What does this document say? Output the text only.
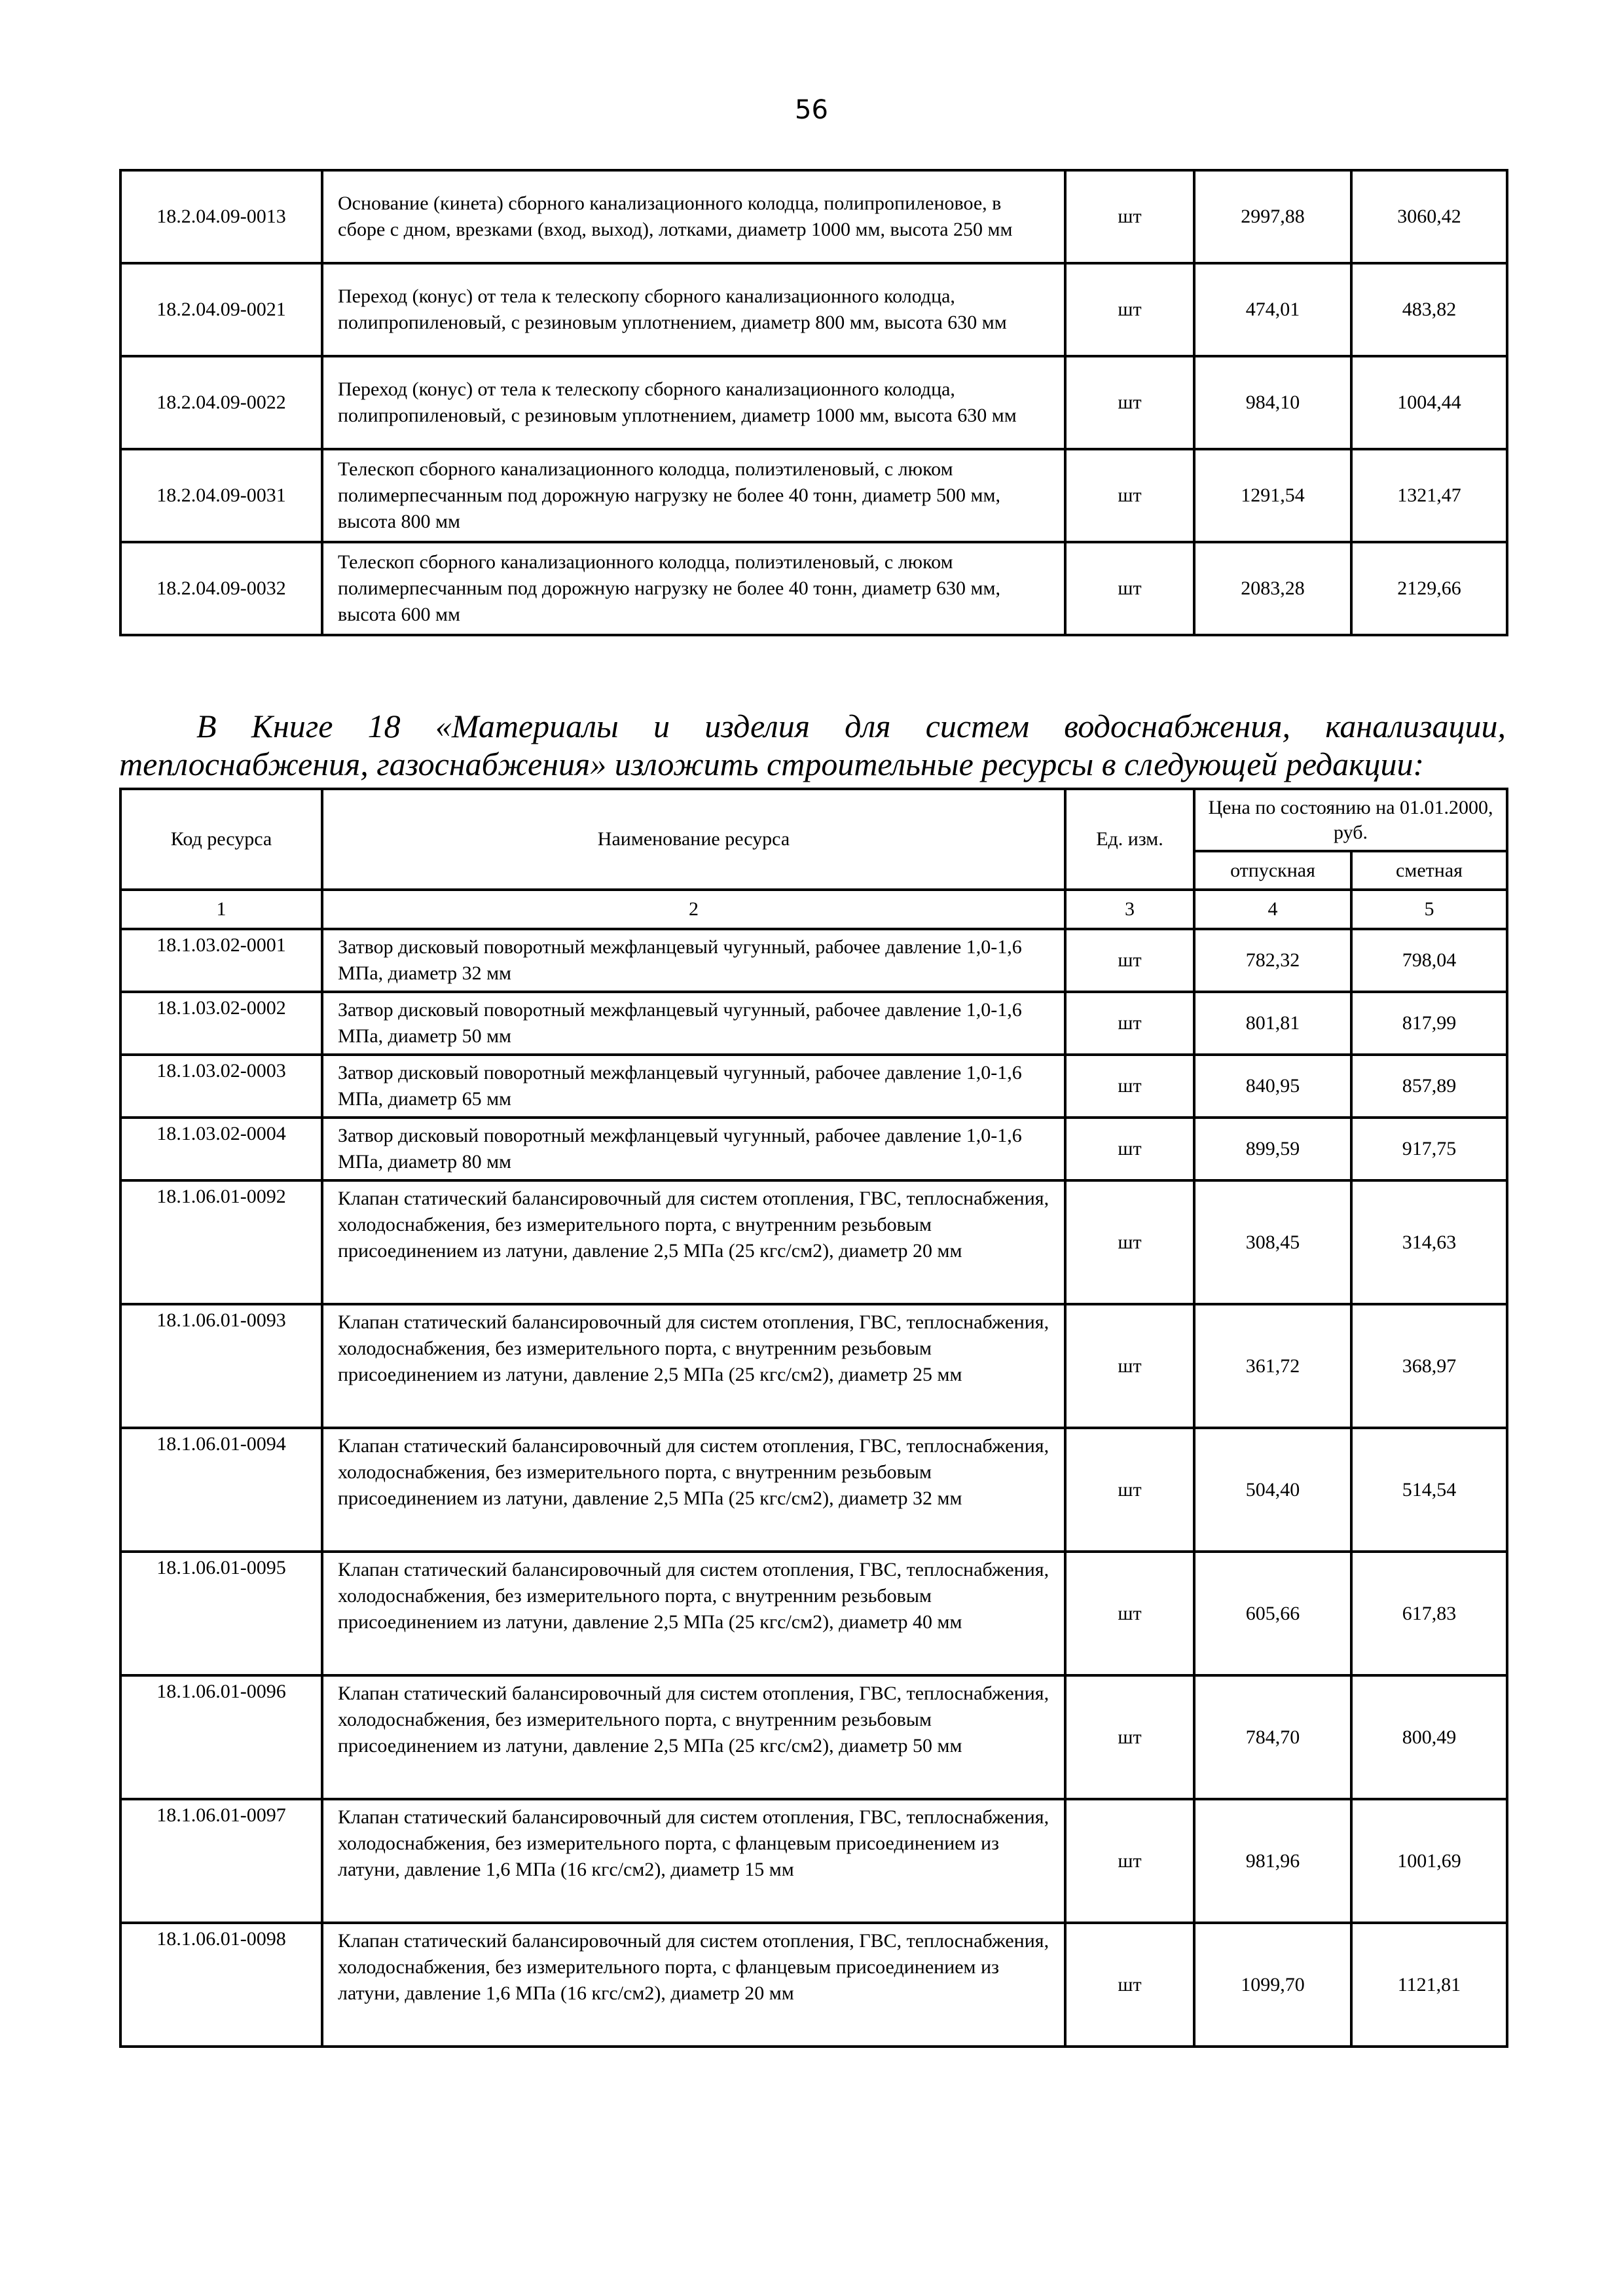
56
18.2.04.09-0013	Основание (кинета) сборного канализационного колодца, полипропиленовое, в сборе с дном, врезками (вход, выход), лотками, диаметр 1000 мм, высота 250 мм	шт	2997,88	3060,42
18.2.04.09-0021	Переход (конус) от тела к телескопу сборного канализационного колодца, полипропиленовый, с резиновым уплотнением, диаметр 800 мм, высота 630 мм	шт	474,01	483,82
18.2.04.09-0022	Переход (конус) от тела к телескопу сборного канализационного колодца, полипропиленовый, с резиновым уплотнением, диаметр 1000 мм, высота 630 мм	шт	984,10	1004,44
18.2.04.09-0031	Телескоп сборного канализационного колодца, полиэтиленовый, с люком полимерпесчанным под дорожную нагрузку не более 40 тонн, диаметр 500 мм, высота 800 мм	шт	1291,54	1321,47
18.2.04.09-0032	Телескоп сборного канализационного колодца, полиэтиленовый, с люком полимерпесчанным под дорожную нагрузку не более 40 тонн, диаметр 630 мм, высота 600 мм	шт	2083,28	2129,66

В Книге 18 «Материалы и изделия для систем водоснабжения, канализации, теплоснабжения, газоснабжения» изложить строительные ресурсы в следующей редакции:

Код ресурса	Наименование ресурса	Ед. изм.	Цена по состоянию на 01.01.2000, руб.	
			отпускная	сметная
1	2	3	4	5
18.1.03.02-0001	Затвор дисковый поворотный межфланцевый чугунный, рабочее давление 1,0-1,6 МПа, диаметр 32 мм	шт	782,32	798,04
18.1.03.02-0002	Затвор дисковый поворотный межфланцевый чугунный, рабочее давление 1,0-1,6 МПа, диаметр 50 мм	шт	801,81	817,99
18.1.03.02-0003	Затвор дисковый поворотный межфланцевый чугунный, рабочее давление 1,0-1,6 МПа, диаметр 65 мм	шт	840,95	857,89
18.1.03.02-0004	Затвор дисковый поворотный межфланцевый чугунный, рабочее давление 1,0-1,6 МПа, диаметр 80 мм	шт	899,59	917,75
18.1.06.01-0092	Клапан статический балансировочный для систем отопления, ГВС, теплоснабжения, холодоснабжения, без измерительного порта, с внутренним резьбовым присоединением из латуни, давление 2,5 МПа (25 кгс/см2), диаметр 20 мм	шт	308,45	314,63
18.1.06.01-0093	Клапан статический балансировочный для систем отопления, ГВС, теплоснабжения, холодоснабжения, без измерительного порта, с внутренним резьбовым присоединением из латуни, давление 2,5 МПа (25 кгс/см2), диаметр 25 мм	шт	361,72	368,97
18.1.06.01-0094	Клапан статический балансировочный для систем отопления, ГВС, теплоснабжения, холодоснабжения, без измерительного порта, с внутренним резьбовым присоединением из латуни, давление 2,5 МПа (25 кгс/см2), диаметр 32 мм	шт	504,40	514,54
18.1.06.01-0095	Клапан статический балансировочный для систем отопления, ГВС, теплоснабжения, холодоснабжения, без измерительного порта, с внутренним резьбовым присоединением из латуни, давление 2,5 МПа (25 кгс/см2), диаметр 40 мм	шт	605,66	617,83
18.1.06.01-0096	Клапан статический балансировочный для систем отопления, ГВС, теплоснабжения, холодоснабжения, без измерительного порта, с внутренним резьбовым присоединением из латуни, давление 2,5 МПа (25 кгс/см2), диаметр 50 мм	шт	784,70	800,49
18.1.06.01-0097	Клапан статический балансировочный для систем отопления, ГВС, теплоснабжения, холодоснабжения, без измерительного порта, с фланцевым присоединением из латуни, давление 1,6 МПа (16 кгс/см2), диаметр 15 мм	шт	981,96	1001,69
18.1.06.01-0098	Клапан статический балансировочный для систем отопления, ГВС, теплоснабжения, холодоснабжения, без измерительного порта, с фланцевым присоединением из латуни, давление 1,6 МПа (16 кгс/см2), диаметр 20 мм	шт	1099,70	1121,81
